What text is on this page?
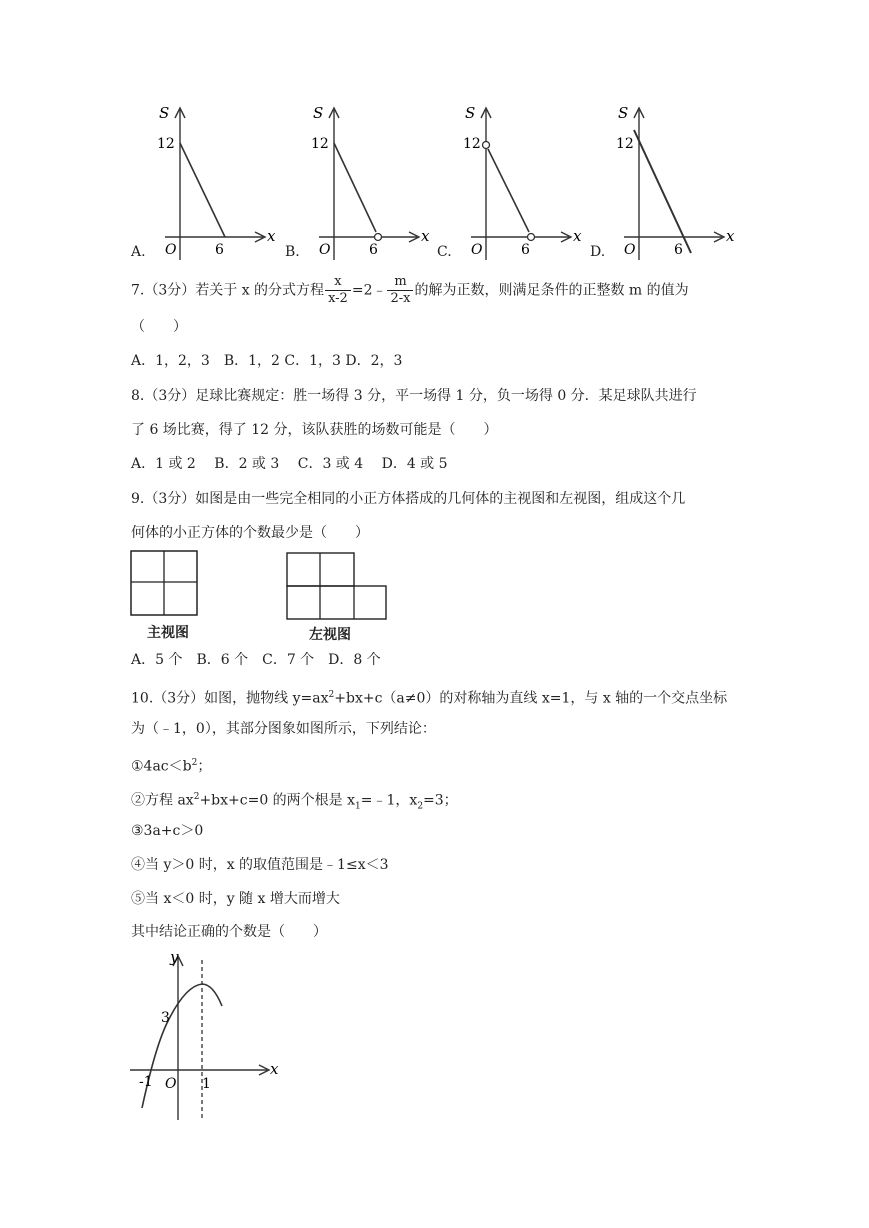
S
x
12
6
O
A.
S
x
12
6
O
B.
S
x
12
6
O
C.
S
x
12
6
O
D.
7.（3分）若关于 x 的分式方程 $\frac{x}{x-2}$ =2﹣ $\frac{m}{2-x}$ 的解为正数，则满足条件的正整数 m 的值为
（　　）
A．1，2，3　B．1，2 C．1，3 D．2，3
8.（3分）足球比赛规定：胜一场得 3 分，平一场得 1 分，负一场得 0 分．某足球队共进行
了 6 场比赛，得了 12 分，该队获胜的场数可能是（　　）
A．1 或 2　 B．2 或 3　 C．3 或 4　 D．4 或 5
9.（3分）如图是由一些完全相同的小正方体搭成的几何体的主视图和左视图，组成这个几
何体的小正方体的个数最少是（　　）
主视图	左视图
A．5 个　B．6 个　C．7 个　D．8 个
10.（3分）如图，抛物线 $y=ax^2+bx+c(a\ne 0)$的对称轴为直线 x=1，与 x 轴的一个交点坐标
为（﹣1，0），其部分图象如图所示，下列结论：
$①4ac<b^2$；
②方程 $ax^2+bx+c=0$ 的两个根是 $x_1=﹣1$，$x_2=3$；
③3a+c＞0
④当 y＞0 时，x 的取值范围是﹣1≤x＜3
⑤当 x＜0 时，y 随 x 增大而增大
其中结论正确的个数是（　　）
y
x
3
-1 O 1
